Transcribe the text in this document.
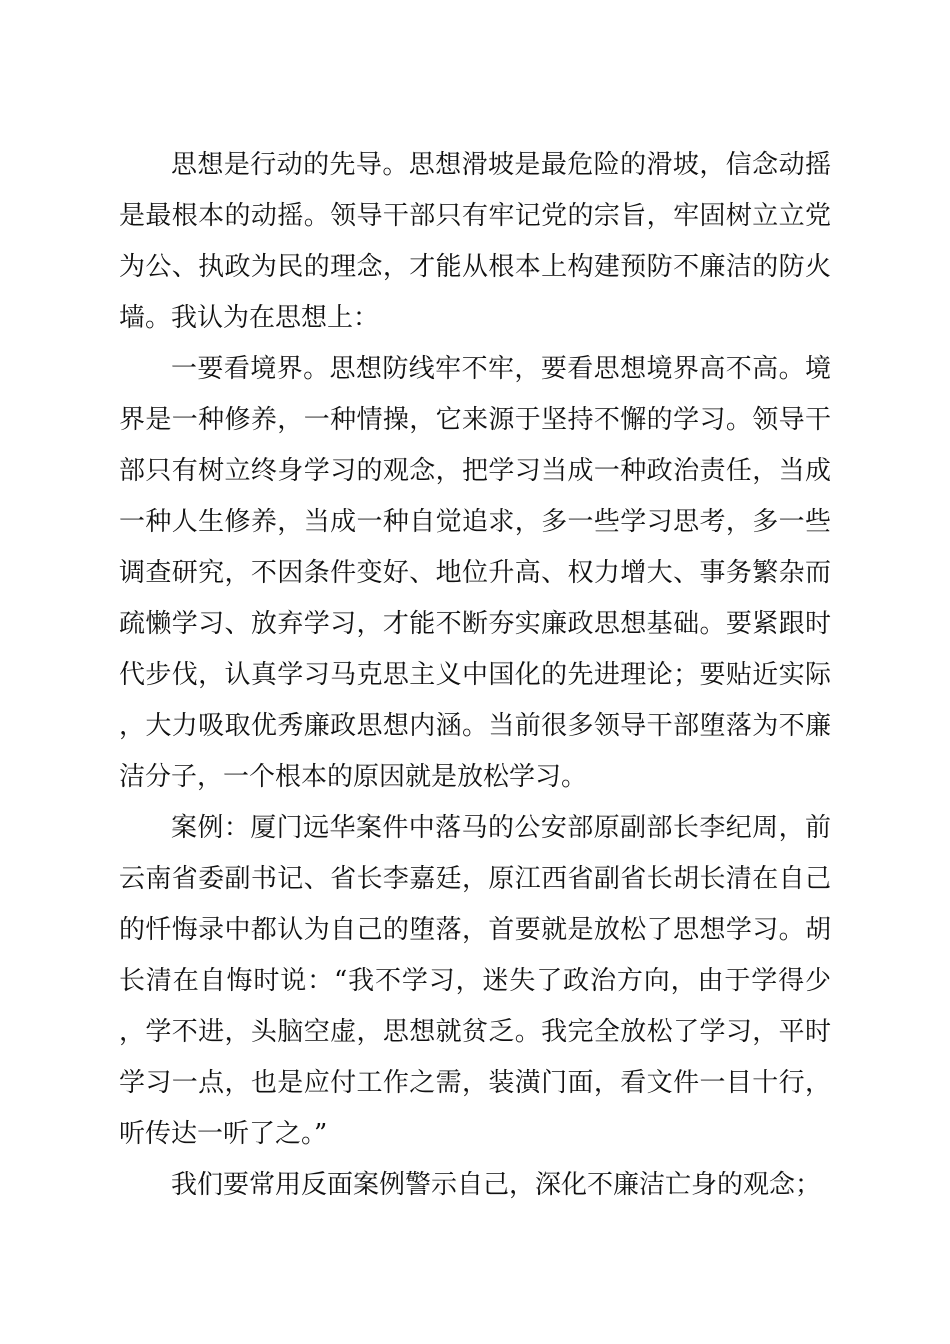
思想是行动的先导。思想滑坡是最危险的滑坡，信念动摇是最根本的动摇。领导干部只有牢记党的宗旨，牢固树立立党为公、执政为民的理念，才能从根本上构建预防不廉洁的防火墙。我认为在思想上：

一要看境界。思想防线牢不牢，要看思想境界高不高。境界是一种修养，一种情操，它来源于坚持不懈的学习。领导干部只有树立终身学习的观念，把学习当成一种政治责任，当成一种人生修养，当成一种自觉追求，多一些学习思考，多一些调查研究，不因条件变好、地位升高、权力增大、事务繁杂而疏懒学习、放弃学习，才能不断夯实廉政思想基础。要紧跟时代步伐，认真学习马克思主义中国化的先进理论；要贴近实际，大力吸取优秀廉政思想内涵。当前很多领导干部堕落为不廉洁分子，一个根本的原因就是放松学习。

案例：厦门远华案件中落马的公安部原副部长李纪周，前云南省委副书记、省长李嘉廷，原江西省副省长胡长清在自己的忏悔录中都认为自己的堕落，首要就是放松了思想学习。胡长清在自悔时说：“我不学习，迷失了政治方向，由于学得少，学不进，头脑空虚，思想就贫乏。我完全放松了学习，平时学习一点，也是应付工作之需，装潢门面，看文件一目十行，听传达一听了之。”

我们要常用反面案例警示自己，深化不廉洁亡身的观念；
